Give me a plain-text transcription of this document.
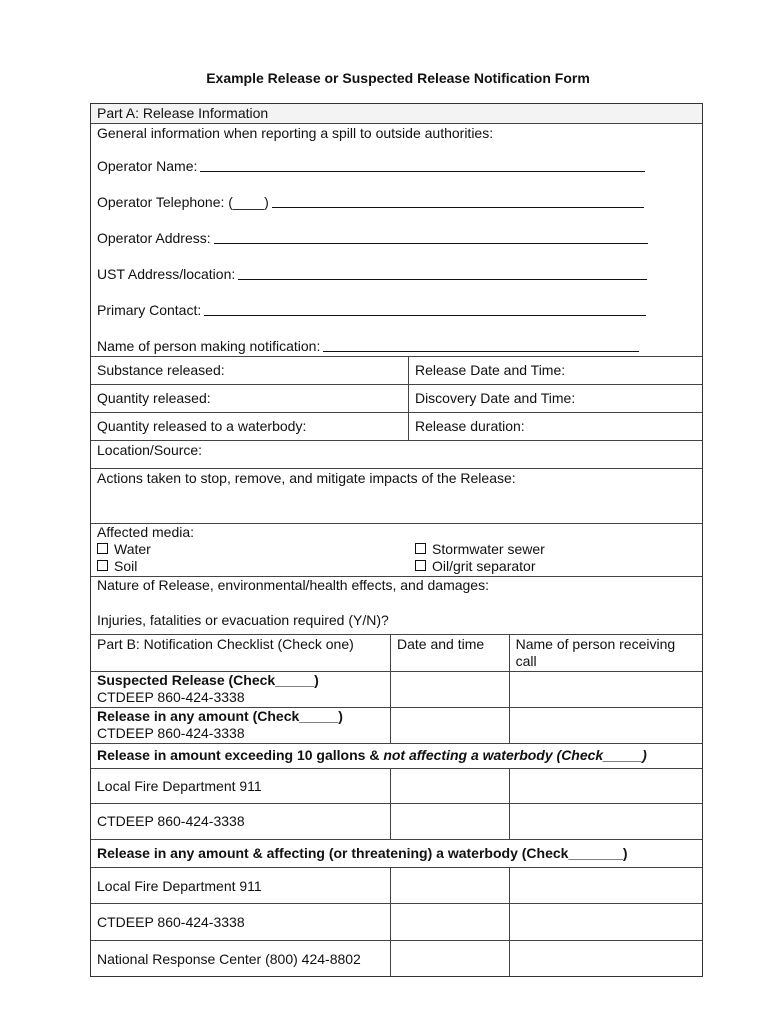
Example Release or Suspected Release Notification Form
Part A: Release Information
General information when reporting a spill to outside authorities:
Operator Name:
Operator Telephone: (____)
Operator Address:
UST Address/location:
Primary Contact:
Name of person making notification:
Substance released:	Release Date and Time:
Quantity released:	Discovery Date and Time:
Quantity released to a waterbody:	Release duration:
Location/Source:
Actions taken to stop, remove, and mitigate impacts of the Release:
Affected media:
Water	Stormwater sewer
Soil	Oil/grit separator
Nature of Release, environmental/health effects, and damages:
Injuries, fatalities or evacuation required (Y/N)?
Part B: Notification Checklist (Check one)	Date and time	Name of person receiving call
Suspected Release (Check_____)
CTDEEP 860-424-3338
Release in any amount (Check_____)
CTDEEP 860-424-3338
Release in amount exceeding 10 gallons & not affecting a waterbody (Check_____)
Local Fire Department 911
CTDEEP 860-424-3338
Release in any amount & affecting (or threatening) a waterbody (Check_______)
Local Fire Department 911
CTDEEP 860-424-3338
National Response Center (800) 424-8802
